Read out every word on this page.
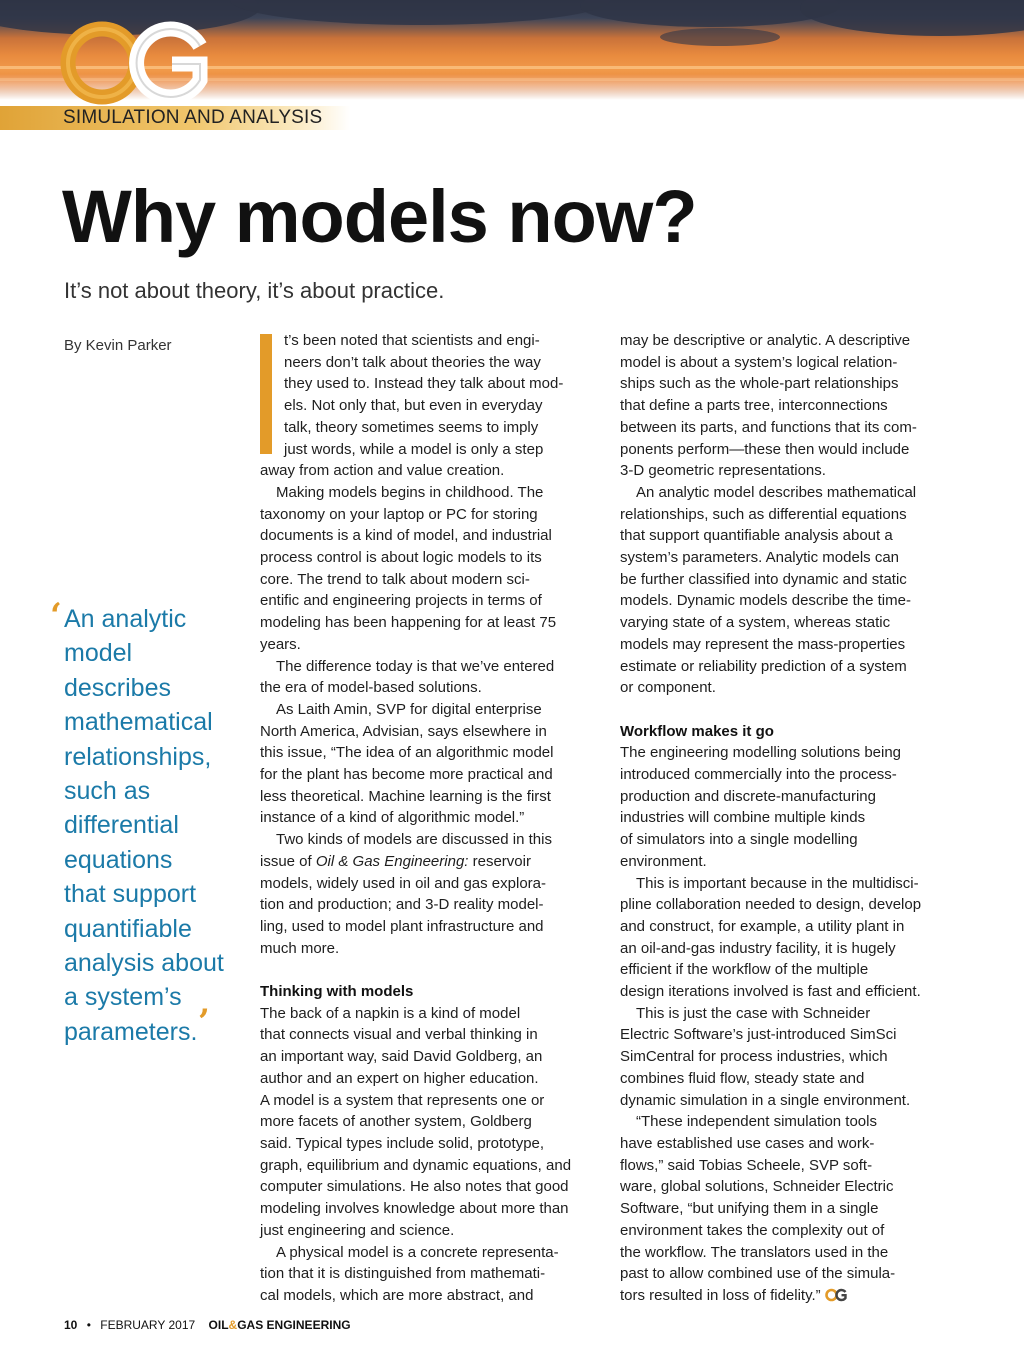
SIMULATION AND ANALYSIS
Why models now?
It’s not about theory, it’s about practice.
By Kevin Parker
‘ An analytic
model
describes
mathematical
relationships,
such as
differential
equations
that support
quantifiable
analysis about
a system’s
parameters. ’
t’s been noted that scientists and engi-
neers don’t talk about theories the way
they used to. Instead they talk about mod-
els. Not only that, but even in everyday
talk, theory sometimes seems to imply
just words, while a model is only a step
away from action and value creation.
Making models begins in childhood. The
taxonomy on your laptop or PC for storing
documents is a kind of model, and industrial
process control is about logic models to its
core. The trend to talk about modern sci-
entific and engineering projects in terms of
modeling has been happening for at least 75
years.
The difference today is that we’ve entered
the era of model-based solutions.
As Laith Amin, SVP for digital enterprise
North America, Advisian, says elsewhere in
this issue, “The idea of an algorithmic model
for the plant has become more practical and
less theoretical. Machine learning is the first
instance of a kind of algorithmic model.”
Two kinds of models are discussed in this
issue of Oil & Gas Engineering: reservoir
models, widely used in oil and gas explora-
tion and production; and 3-D reality model-
ling, used to model plant infrastructure and
much more.
Thinking with models
The back of a napkin is a kind of model
that connects visual and verbal thinking in
an important way, said David Goldberg, an
author and an expert on higher education.
A model is a system that represents one or
more facets of another system, Goldberg
said. Typical types include solid, prototype,
graph, equilibrium and dynamic equations, and
computer simulations. He also notes that good
modeling involves knowledge about more than
just engineering and science.
A physical model is a concrete representa-
tion that it is distinguished from mathemati-
cal models, which are more abstract, and
may be descriptive or analytic. A descriptive
model is about a system’s logical relation-
ships such as the whole-part relationships
that define a parts tree, interconnections
between its parts, and functions that its com-
ponents perform—these then would include
3-D geometric representations.
An analytic model describes mathematical
relationships, such as differential equations
that support quantifiable analysis about a
system’s parameters. Analytic models can
be further classified into dynamic and static
models. Dynamic models describe the time-
varying state of a system, whereas static
models may represent the mass-properties
estimate or reliability prediction of a system
or component.
Workflow makes it go
The engineering modelling solutions being
introduced commercially into the process-
production and discrete-manufacturing
industries will combine multiple kinds
of simulators into a single modelling
environment.
This is important because in the multidisci-
pline collaboration needed to design, develop
and construct, for example, a utility plant in
an oil-and-gas industry facility, it is hugely
efficient if the workflow of the multiple
design iterations involved is fast and efficient.
This is just the case with Schneider
Electric Software’s just-introduced SimSci
SimCentral for process industries, which
combines fluid flow, steady state and
dynamic simulation in a single environment.
“These independent simulation tools
have established use cases and work-
flows,” said Tobias Scheele, SVP soft-
ware, global solutions, Schneider Electric
Software, “but unifying them in a single
environment takes the complexity out of
the workflow. The translators used in the
past to allow combined use of the simula-
tors resulted in loss of fidelity.”
10 • FEBRUARY 2017 OIL&GAS ENGINEERING
